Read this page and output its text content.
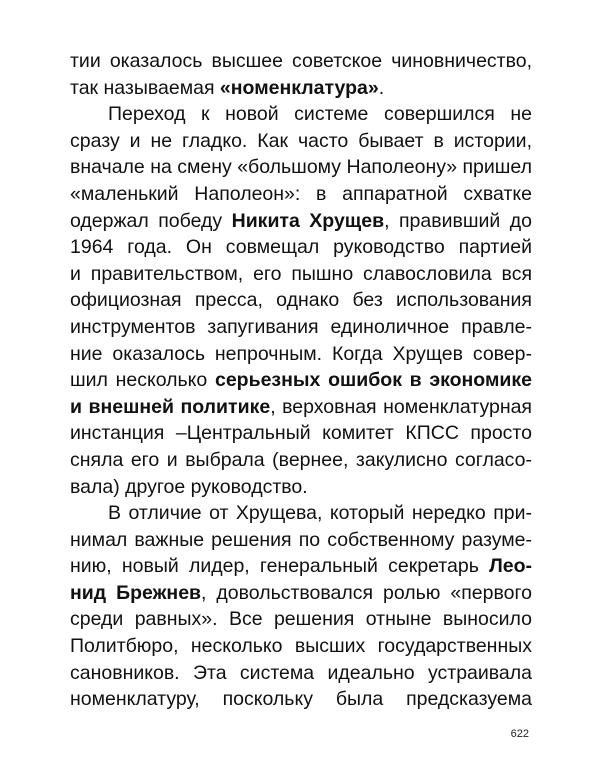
тии оказалось высшее советское чиновничество,
так называемая «номенклатура».
Переход к новой системе совершился не
сразу и не гладко. Как часто бывает в истории,
вначале на смену «большому Наполеону» пришел
«маленький Наполеон»: в аппаратной схватке
одержал победу Никита Хрущев, правивший до
1964 года. Он совмещал руководство партией
и правительством, его пышно славословила вся
официозная пресса, однако без использования
инструментов запугивания единоличное правле-
ние оказалось непрочным. Когда Хрущев совер-
шил несколько серьезных ошибок в экономике
и внешней политике, верховная номенклатурная
инстанция –Центральный комитет КПСС просто
сняла его и выбрала (вернее, закулисно согласо-
вала) другое руководство.
В отличие от Хрущева, который нередко при-
нимал важные решения по собственному разуме-
нию, новый лидер, генеральный секретарь Лео-
нид Брежнев, довольствовался ролью «первого
среди равных». Все решения отныне выносило
Политбюро, несколько высших государственных
сановников. Эта система идеально устраивала
номенклатуру, поскольку была предсказуема
622
